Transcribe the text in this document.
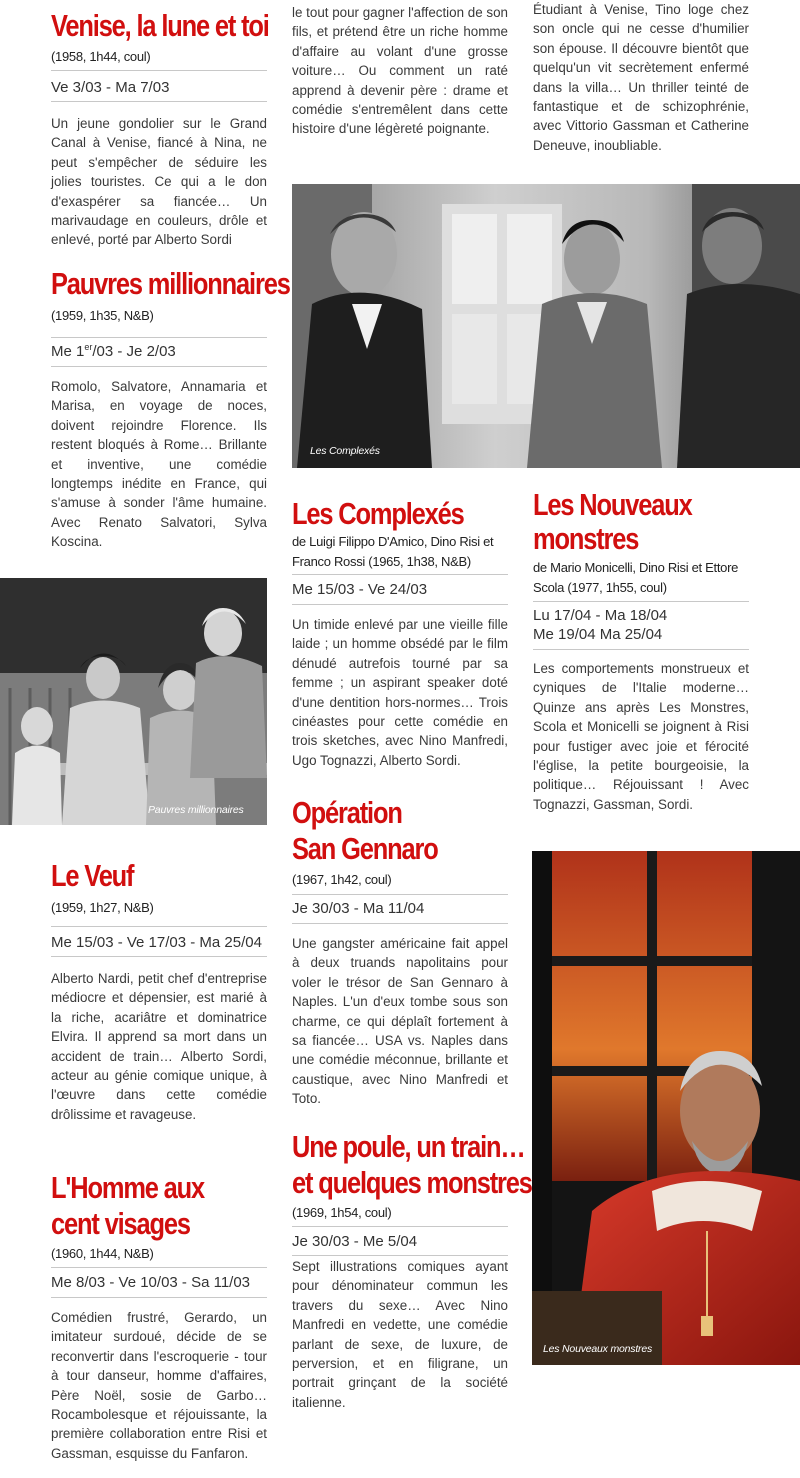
Venise, la lune et toi
(1958, 1h44, coul)
Ve 3/03 - Ma 7/03
Un jeune gondolier sur le Grand Canal à Venise, fiancé à Nina, ne peut s'empêcher de séduire les jolies touristes. Ce qui a le don d'exaspérer sa fiancée… Un marivaudage en couleurs, drôle et enlevé, porté par Alberto Sordi
Pauvres millionnaires
(1959, 1h35, N&B)
Me 1er/03 - Je 2/03
Romolo, Salvatore, Annamaria et Marisa, en voyage de noces, doivent rejoindre Florence. Ils restent bloqués à Rome… Brillante et inventive, une comédie longtemps inédite en France, qui s'amuse à sonder l'âme humaine. Avec Renato Salvatori, Sylva Koscina.
Pauvres millionnaires
Le Veuf
(1959, 1h27, N&B)
Me 15/03 - Ve 17/03 - Ma 25/04
Alberto Nardi, petit chef d'entreprise médiocre et dépensier, est marié à la riche, acariâtre et dominatrice Elvira. Il apprend sa mort dans un accident de train… Alberto Sordi, acteur au génie comique unique, à l'œuvre dans cette comédie drôlissime et ravageuse.
L'Homme aux
cent visages
(1960, 1h44, N&B)
Me 8/03 - Ve 10/03 - Sa 11/03
Comédien frustré, Gerardo, un imitateur surdoué, décide de se reconvertir dans l'escroquerie - tour à tour danseur, homme d'affaires, Père Noël, sosie de Garbo… Rocambolesque et réjouissante, la première collaboration entre Risi et Gassman, esquisse du Fanfaron.
le tout pour gagner l'affection de son fils, et prétend être un riche homme d'affaire au volant d'une grosse voiture… Ou comment un raté apprend à devenir père : drame et comédie s'entremêlent dans cette histoire d'une légèreté poignante.
Les Complexés
Les Complexés
de Luigi Filippo D'Amico, Dino Risi et Franco Rossi (1965, 1h38, N&B)
Me 15/03 - Ve 24/03
Un timide enlevé par une vieille fille laide ; un homme obsédé par le film dénudé autrefois tourné par sa femme ; un aspirant speaker doté d'une dentition hors-normes… Trois cinéastes pour cette comédie en trois sketches, avec Nino Manfredi, Ugo Tognazzi, Alberto Sordi.
Opération
San Gennaro
(1967, 1h42, coul)
Je 30/03 - Ma 11/04
Une gangster américaine fait appel à deux truands napolitains pour voler le trésor de San Gennaro à Naples. L'un d'eux tombe sous son charme, ce qui déplaît fortement à sa fiancée… USA vs. Naples dans une comédie méconnue, brillante et caustique, avec Nino Manfredi et Toto.
Une poule, un train…
et quelques monstres
(1969, 1h54, coul)
Je 30/03 - Me 5/04
Sept illustrations comiques ayant pour dénominateur commun les travers du sexe… Avec Nino Manfredi en vedette, une comédie parlant de sexe, de luxure, de perversion, et en filigrane, un portrait grinçant de la société italienne.
Étudiant à Venise, Tino loge chez son oncle qui ne cesse d'humilier son épouse. Il découvre bientôt que quelqu'un vit secrètement enfermé dans la villa… Un thriller teinté de fantastique et de schizophrénie, avec Vittorio Gassman et Catherine Deneuve, inoubliable.
Les Nouveaux
monstres
de Mario Monicelli, Dino Risi et Ettore Scola (1977, 1h55, coul)
Lu 17/04 - Ma 18/04
Me 19/04 Ma 25/04
Les comportements monstrueux et cyniques de l'Italie moderne… Quinze ans après Les Monstres, Scola et Monicelli se joignent à Risi pour fustiger avec joie et férocité l'église, la petite bourgeoisie, la politique… Réjouissant ! Avec Tognazzi, Gassman, Sordi.
Les Nouveaux monstres
